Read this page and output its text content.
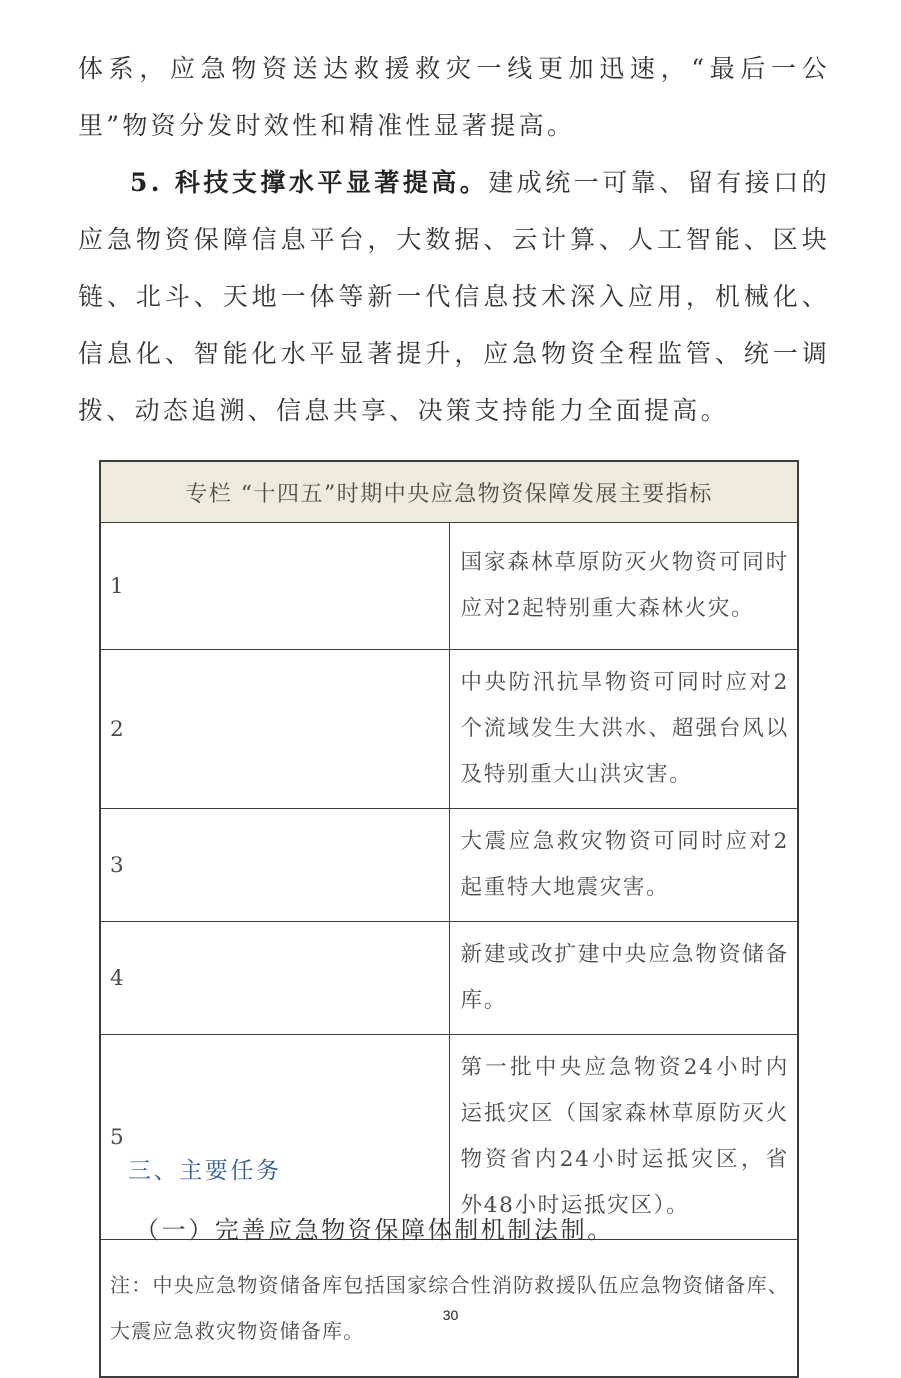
体系，应急物资送达救援救灾一线更加迅速，“最后一公里”物资分发时效性和精准性显著提高。

5. 科技支撑水平显著提高。建成统一可靠、留有接口的应急物资保障信息平台，大数据、云计算、人工智能、区块链、北斗、天地一体等新一代信息技术深入应用，机械化、信息化、智能化水平显著提升，应急物资全程监管、统一调拨、动态追溯、信息共享、决策支持能力全面提高。

专栏 “十四五”时期中央应急物资保障发展主要指标	
1	国家森林草原防灭火物资可同时应对2起特别重大森林火灾。
2	中央防汛抗旱物资可同时应对2个流域发生大洪水、超强台风以及特别重大山洪灾害。
3	大震应急救灾物资可同时应对2起重特大地震灾害。
4	新建或改扩建中央应急物资储备库。
5	第一批中央应急物资24小时内运抵灾区（国家森林草原防灭火物资省内24小时运抵灾区，省外48小时运抵灾区）。
注：中央应急物资储备库包括国家综合性消防救援队伍应急物资储备库、大震应急救灾物资储备库。	
三、主要任务
（一）完善应急物资保障体制机制法制。
30
